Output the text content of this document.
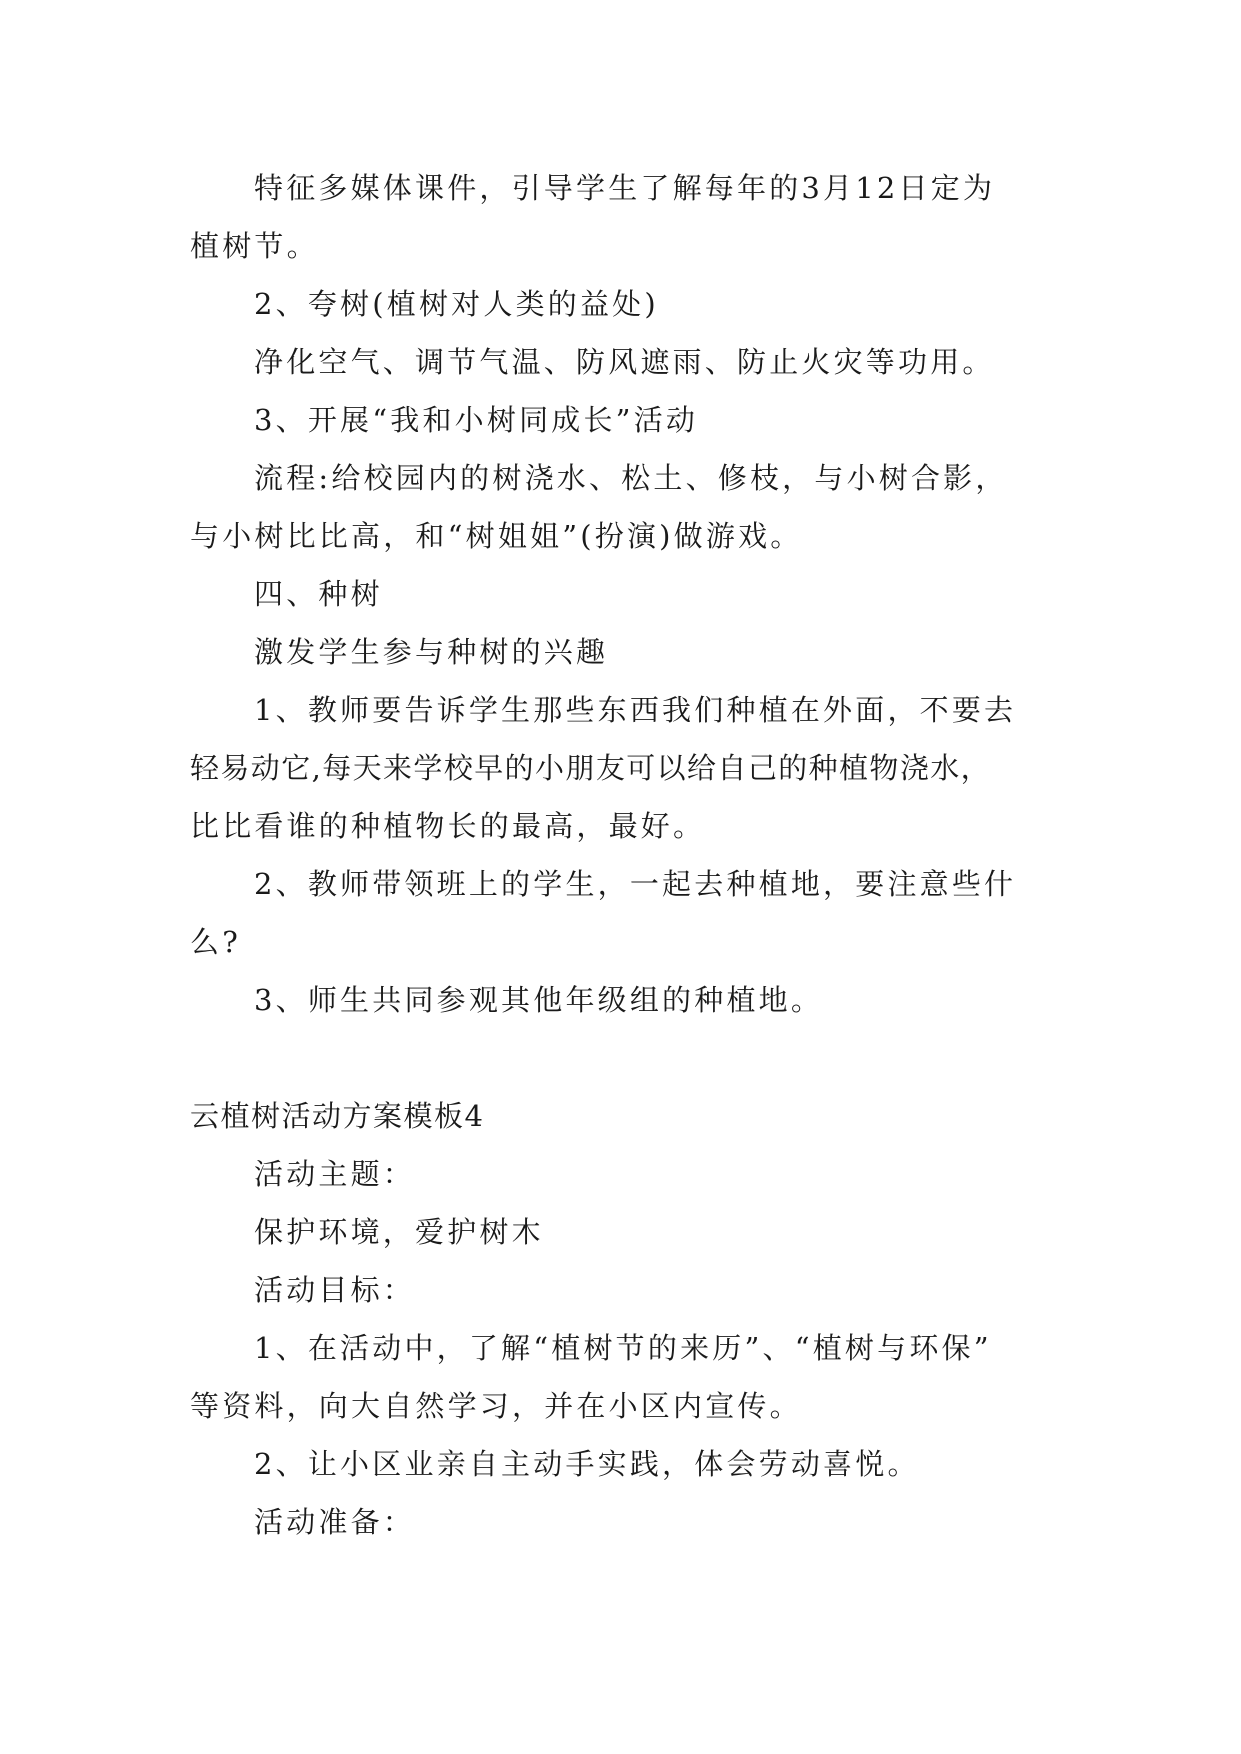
特征多媒体课件，引导学生了解每年的3月12日定为
植树节。
2、夸树(植树对人类的益处)
净化空气、调节气温、防风遮雨、防止火灾等功用。
3、开展“我和小树同成长”活动
流程:给校园内的树浇水、松土、修枝，与小树合影，
与小树比比高，和“树姐姐”(扮演)做游戏。
四、种树
激发学生参与种树的兴趣
1、教师要告诉学生那些东西我们种植在外面，不要去
轻易动它,每天来学校早的小朋友可以给自己的种植物浇水，
比比看谁的种植物长的最高，最好。
2、教师带领班上的学生，一起去种植地，要注意些什
么?
3、师生共同参观其他年级组的种植地。
云植树活动方案模板4
活动主题：
保护环境，爱护树木
活动目标：
1、在活动中，了解“植树节的来历”、“植树与环保”
等资料，向大自然学习，并在小区内宣传。
2、让小区业亲自主动手实践，体会劳动喜悦。
活动准备：
